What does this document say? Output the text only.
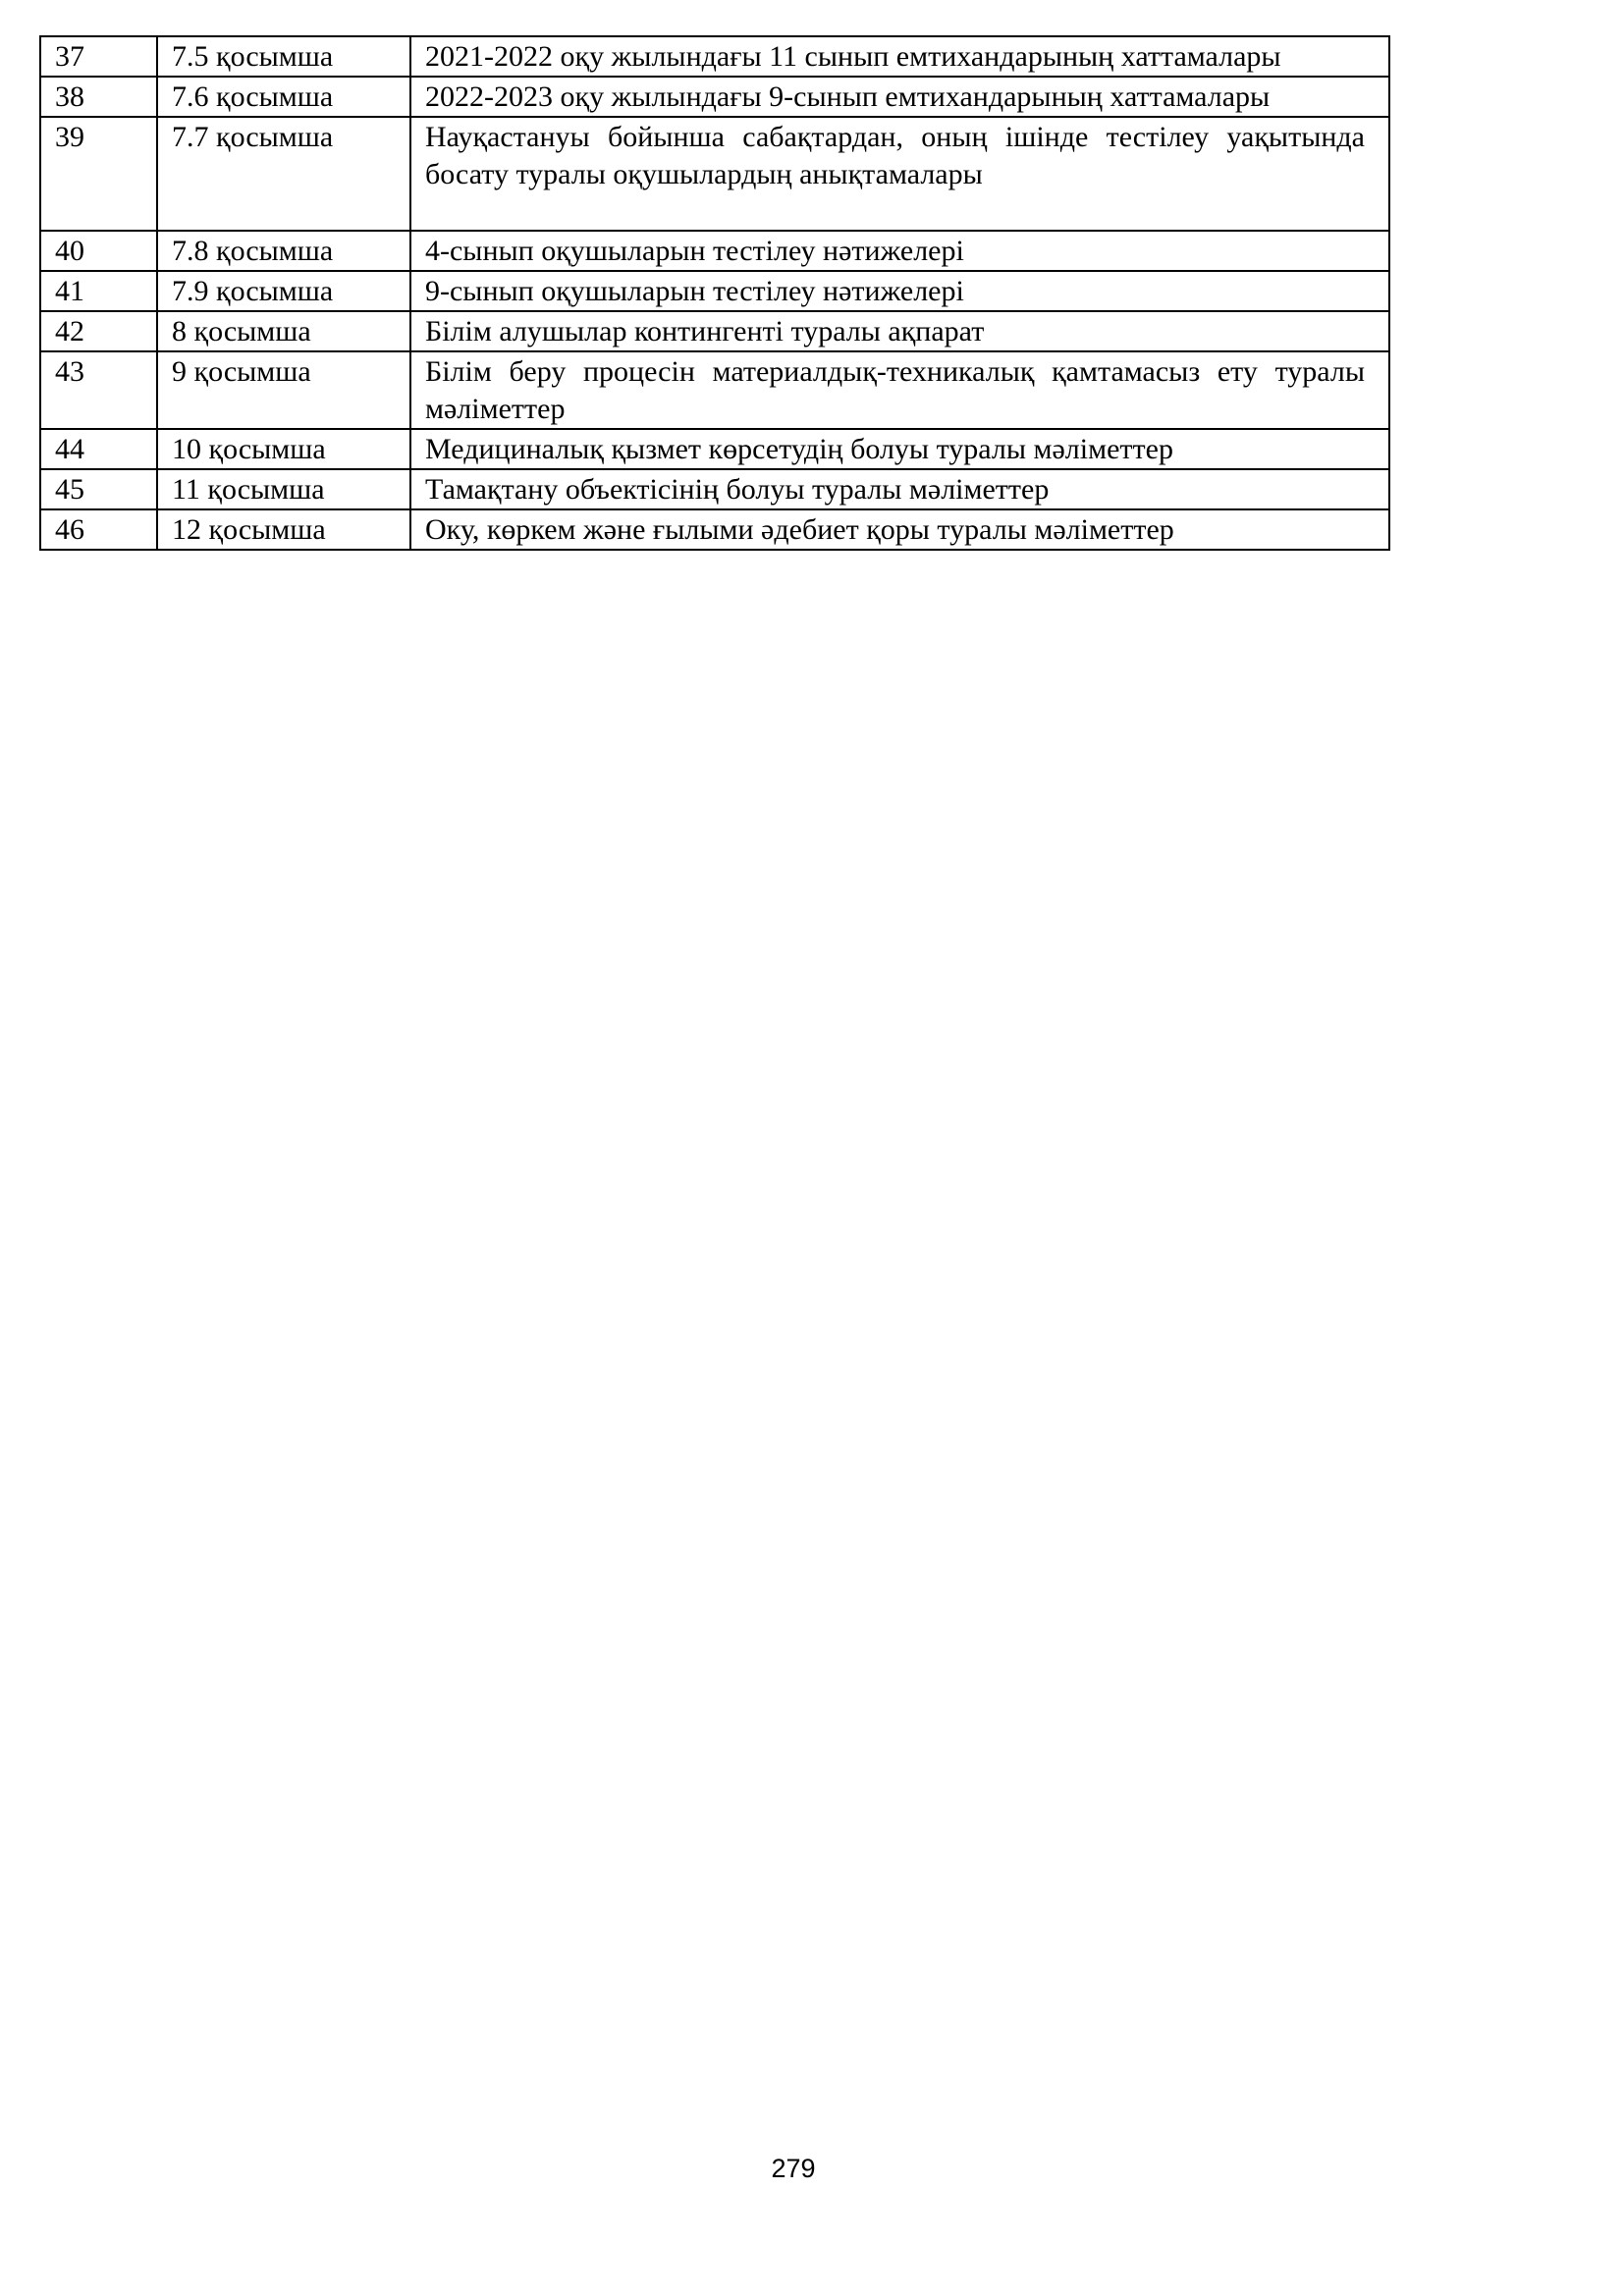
37	7.5 қосымша	2021-2022 оқу жылындағы 11 сынып емтихандарының хаттамалары
38	7.6 қосымша	2022-2023 оқу жылындағы 9-сынып емтихандарының хаттамалары
39	7.7 қосымша	Науқастануы бойынша сабақтардан, оның ішінде тестілеу уақытында босату туралы оқушылардың анықтамалары
40	7.8 қосымша	4-сынып оқушыларын тестілеу нәтижелері
41	7.9 қосымша	9-сынып оқушыларын тестілеу нәтижелері
42	8 қосымша	Білім алушылар контингенті туралы ақпарат
43	9 қосымша	Білім беру процесін материалдық-техникалық қамтамасыз ету туралы мәліметтер
44	10 қосымша	Медициналық қызмет көрсетудің болуы туралы мәліметтер
45	11 қосымша	Тамақтану объектісінің болуы туралы мәліметтер
46	12 қосымша	Оку, көркем және ғылыми әдебиет қоры туралы мәліметтер
279
